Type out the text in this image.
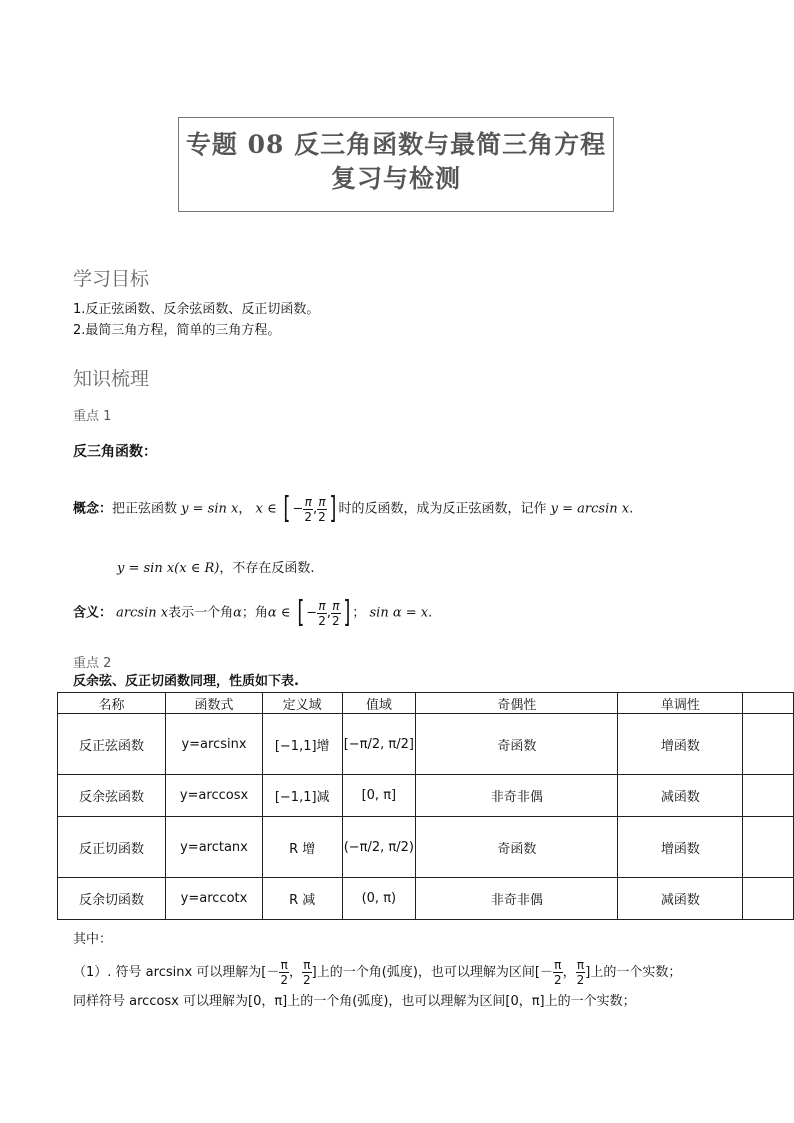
专题 08 反三角函数与最简三角方程
复习与检测
学习目标
1.反正弦函数、反余弦函数、反正切函数。
2.最简三角方程，简单的三角方程。
知识梳理
重点 1
反三角函数：
概念：把正弦函数 y = sin x， x ∈ [ − $\frac{\pi}{2}$ , $\frac{\pi}{2}$ ] 时的反函数，成为反正弦函数，记作 y = arcsin x.
y = sin x(x ∈ R)，不存在反函数.
含义： arcsin x表示一个角α；角α ∈ [ − $\frac{\pi}{2}$ , $\frac{\pi}{2}$ ] ； sin α = x.
重点 2
反余弦、反正切函数同理，性质如下表.
名称	函数式	定义域	值域	奇偶性	单调性	
反正弦函数	y=arcsinx	[−1,1]增	[−π/2, π/2]	奇函数	增函数	
反余弦函数	y=arccosx	[−1,1]减	[0, π]	非奇非偶	减函数	
反正切函数	y=arctanx	R 增	(−π/2, π/2)	奇函数	增函数	
反余切函数	y=arccotx	R 减	(0, π)	非奇非偶	减函数	
其中：
（1）. 符号 arcsinx 可以理解为[－ $\frac{\pi}{2}$ ， $\frac{\pi}{2}$ ]上的一个角(弧度)，也可以理解为区间[－ $\frac{\pi}{2}$ ， $\frac{\pi}{2}$ ]上的一个实数；
同样符号 arccosx 可以理解为[0，π]上的一个角(弧度)，也可以理解为区间[0，π]上的一个实数；
